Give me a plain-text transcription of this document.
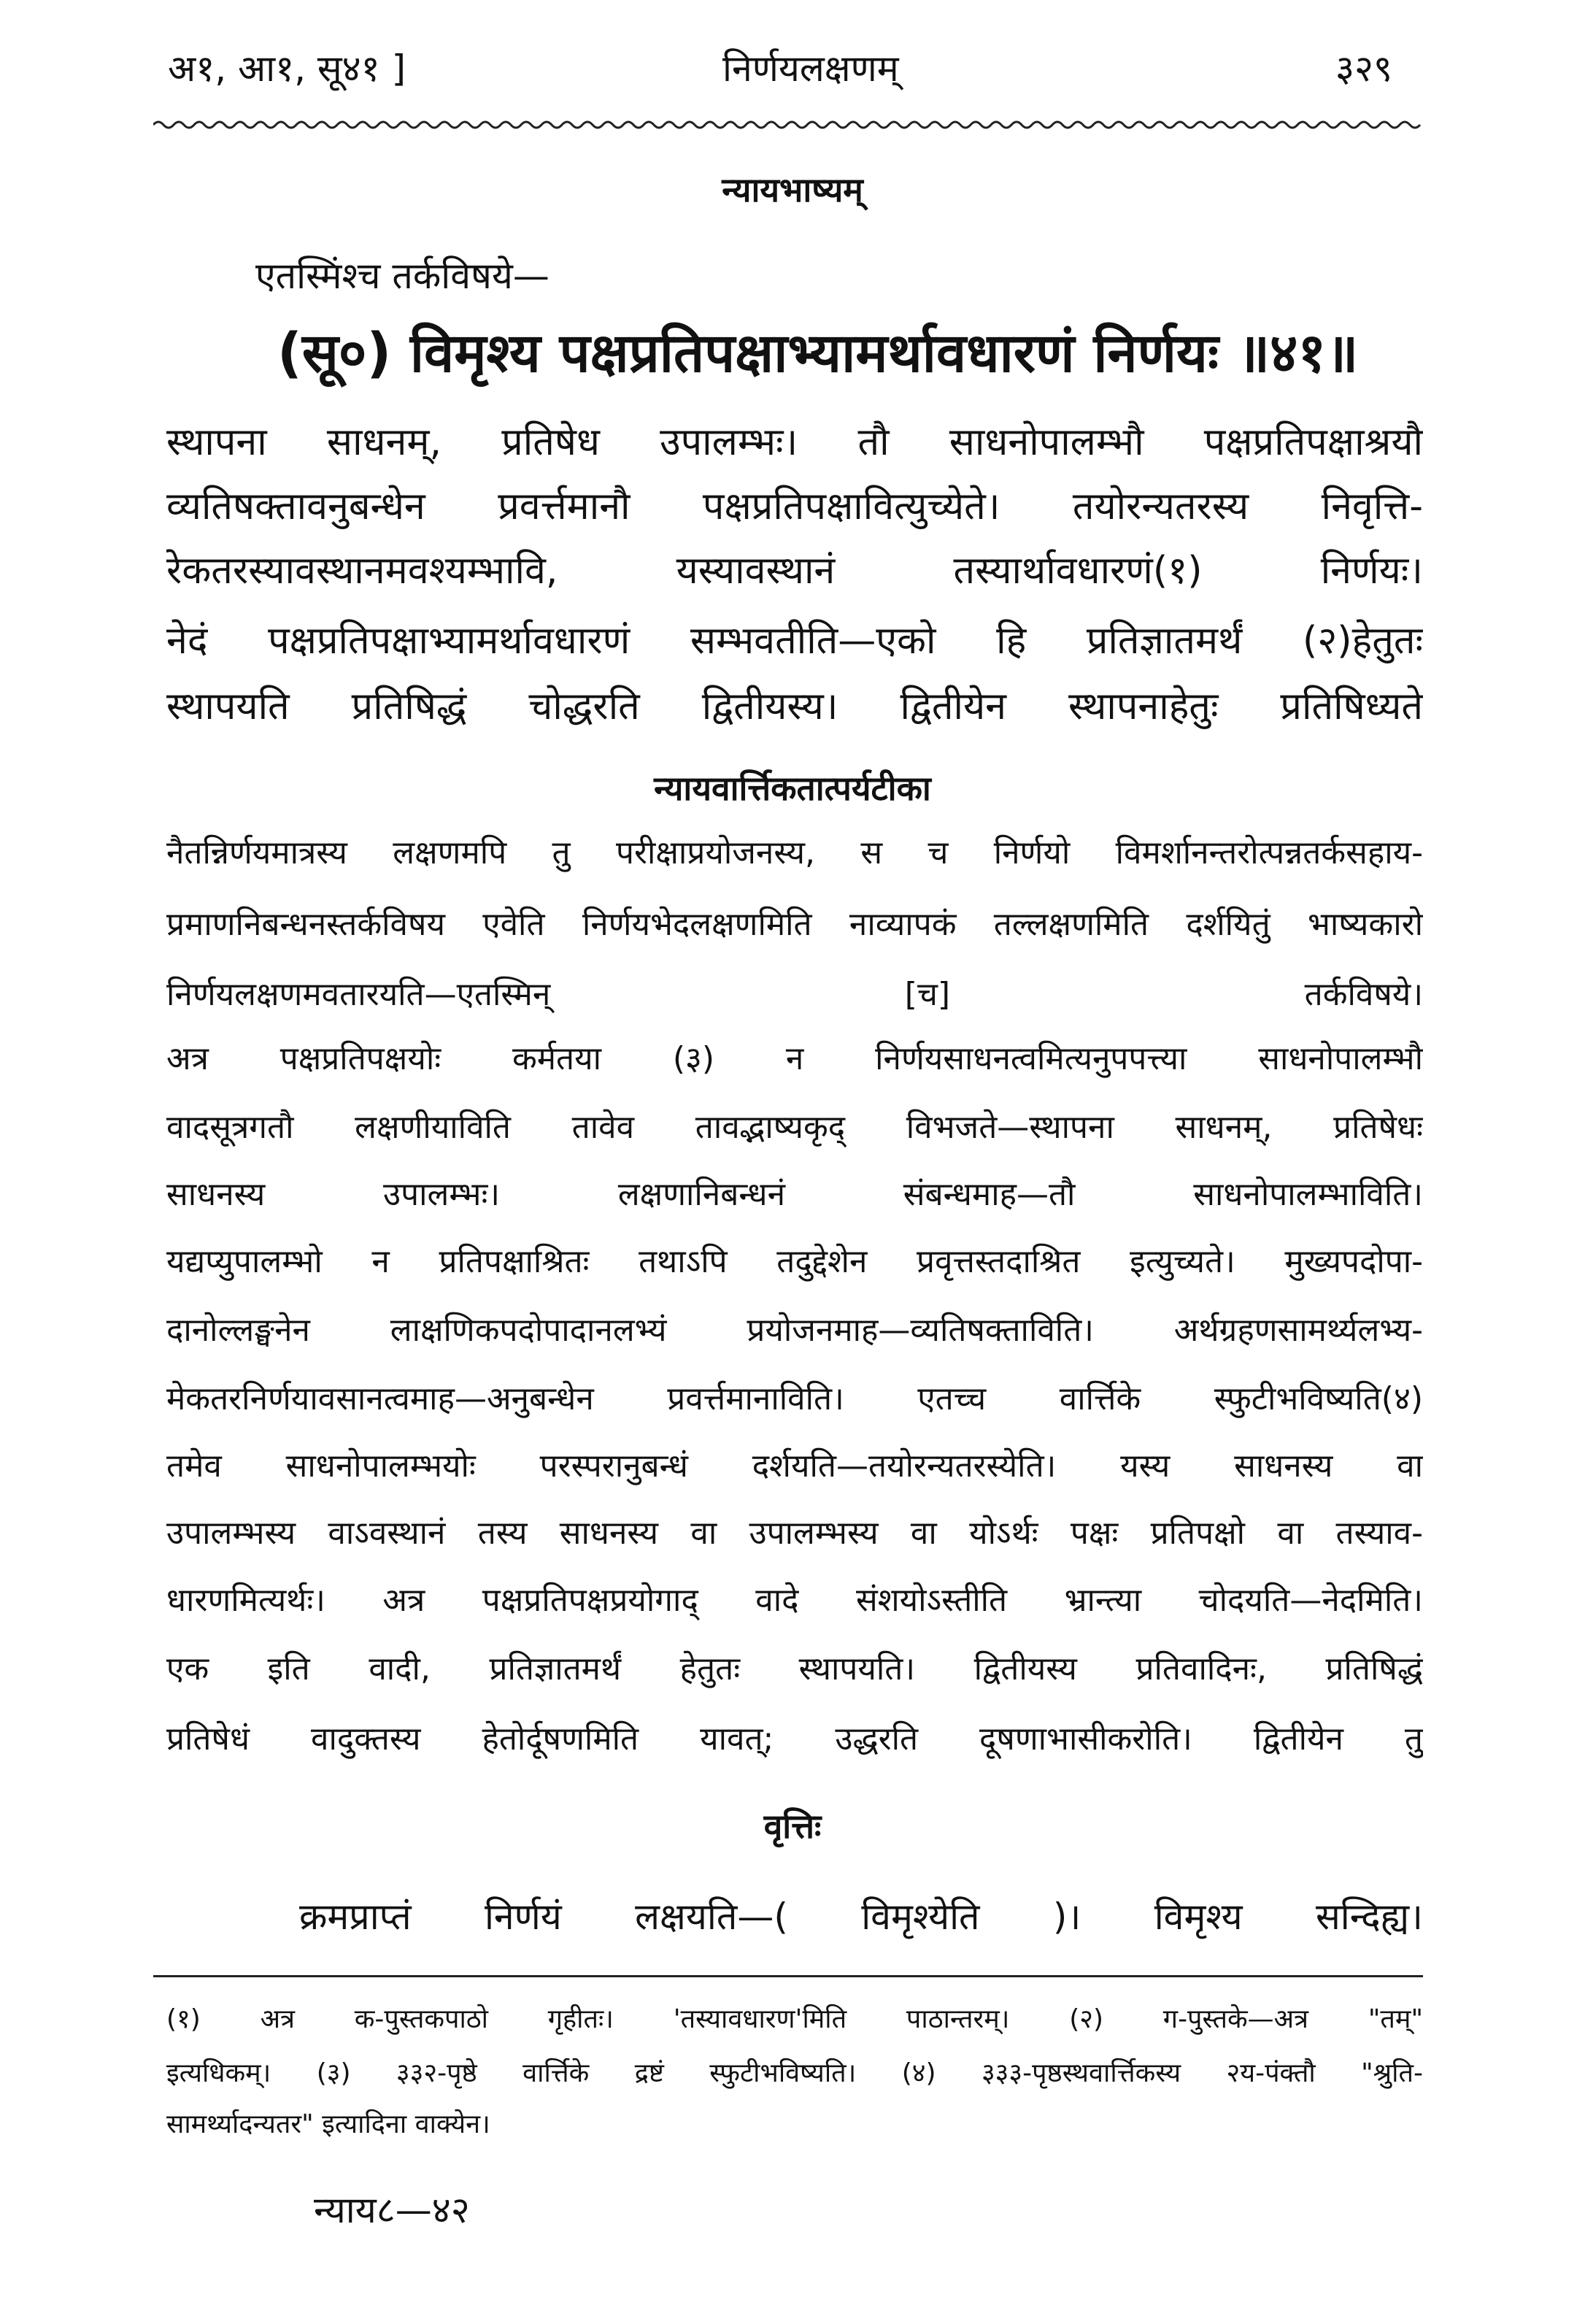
अ१, आ१, सू४१ ]	निर्णयलक्षणम्	३२९
न्यायभाष्यम्
एतस्मिंश्च तर्कविषये—
(सू०) विमृश्य पक्षप्रतिपक्षाभ्यामर्थावधारणं निर्णयः ॥४१॥
स्थापना साधनम्, प्रतिषेध उपालम्भः। तौ साधनोपालम्भौ पक्षप्रतिपक्षाश्रयौ
व्यतिषक्तावनुबन्धेन प्रवर्त्तमानौ पक्षप्रतिपक्षावित्युच्येते। तयोरन्यतरस्य निवृत्ति-
रेकतरस्यावस्थानमवश्यम्भावि, यस्यावस्थानं तस्यार्थावधारणं(१) निर्णयः।
नेदं पक्षप्रतिपक्षाभ्यामर्थावधारणं सम्भवतीति—एको हि प्रतिज्ञातमर्थं (२)हेतुतः
स्थापयति प्रतिषिद्धं चोद्धरति द्वितीयस्य। द्वितीयेन स्थापनाहेतुः प्रतिषिध्यते
न्यायवार्त्तिकतात्पर्यटीका
नैतन्निर्णयमात्रस्य लक्षणमपि तु परीक्षाप्रयोजनस्य, स च निर्णयो विमर्शानन्तरोत्पन्नतर्कसहाय-
प्रमाणनिबन्धनस्तर्कविषय एवेति निर्णयभेदलक्षणमिति नाव्यापकं तल्लक्षणमिति दर्शयितुं भाष्यकारो
निर्णयलक्षणमवतारयति—एतस्मिन् [च] तर्कविषये।
अत्र पक्षप्रतिपक्षयोः कर्मतया (३) न निर्णयसाधनत्वमित्यनुपपत्त्या साधनोपालम्भौ
वादसूत्रगतौ लक्षणीयाविति तावेव तावद्भाष्यकृद् विभजते—स्थापना साधनम्, प्रतिषेधः
साधनस्य उपालम्भः। लक्षणानिबन्धनं संबन्धमाह—तौ साधनोपालम्भाविति।
यद्यप्युपालम्भो न प्रतिपक्षाश्रितः तथाऽपि तदुद्देशेन प्रवृत्तस्तदाश्रित इत्युच्यते। मुख्यपदोपा-
दानोल्लङ्घनेन लाक्षणिकपदोपादानलभ्यं प्रयोजनमाह—व्यतिषक्ताविति। अर्थग्रहणसामर्थ्यलभ्य-
मेकतरनिर्णयावसानत्वमाह—अनुबन्धेन प्रवर्त्तमानाविति। एतच्च वार्त्तिके स्फुटीभविष्यति(४)
तमेव साधनोपालम्भयोः परस्परानुबन्धं दर्शयति—तयोरन्यतरस्येति। यस्य साधनस्य वा
उपालम्भस्य वाऽवस्थानं तस्य साधनस्य वा उपालम्भस्य वा योऽर्थः पक्षः प्रतिपक्षो वा तस्याव-
धारणमित्यर्थः। अत्र पक्षप्रतिपक्षप्रयोगाद् वादे संशयोऽस्तीति भ्रान्त्या चोदयति—नेदमिति।
एक इति वादी, प्रतिज्ञातमर्थं हेतुतः स्थापयति। द्वितीयस्य प्रतिवादिनः, प्रतिषिद्धं
प्रतिषेधं वादुक्तस्य हेतोर्दूषणमिति यावत्; उद्धरति दूषणाभासीकरोति। द्वितीयेन तु
वृत्तिः
क्रमप्राप्तं निर्णयं लक्षयति—( विमृश्येति )। विमृश्य सन्दिह्य।
(१) अत्र क-पुस्तकपाठो गृहीतः। 'तस्यावधारण'मिति पाठान्तरम्। (२) ग-पुस्तके—अत्र "तम्"
इत्यधिकम्। (३) ३३२-पृष्ठे वार्त्तिके द्रष्टं स्फुटीभविष्यति। (४) ३३३-पृष्ठस्थवार्त्तिकस्य २य-पंक्तौ "श्रुति-
सामर्थ्यादन्यतर" इत्यादिना वाक्येन।
न्याय८—४२
